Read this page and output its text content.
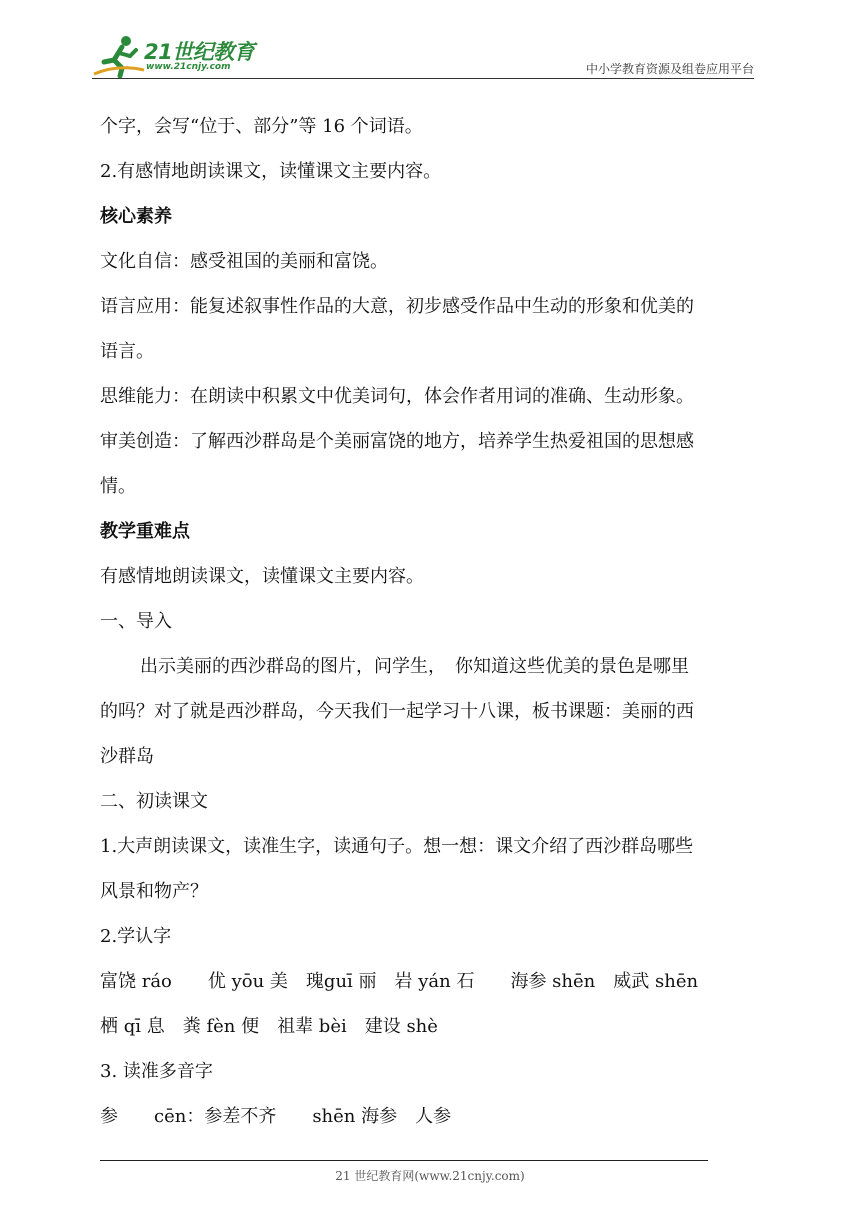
21世纪教育
www.21cnjy.com	中小学教育资源及组卷应用平台
个字，会写“位于、部分”等 16 个词语。
2.有感情地朗读课文，读懂课文主要内容。
核心素养
文化自信：感受祖国的美丽和富饶。
语言应用：能复述叙事性作品的大意，初步感受作品中生动的形象和优美的
语言。
思维能力：在朗读中积累文中优美词句，体会作者用词的准确、生动形象。
审美创造：了解西沙群岛是个美丽富饶的地方，培养学生热爱祖国的思想感
情。
教学重难点
有感情地朗读课文，读懂课文主要内容。
一、导入
出示美丽的西沙群岛的图片，问学生，　你知道这些优美的景色是哪里
的吗？对了就是西沙群岛，今天我们一起学习十八课，板书课题：美丽的西
沙群岛
二、初读课文
1.大声朗读课文，读准生字，读通句子。想一想：课文介绍了西沙群岛哪些
风景和物产？
2.学认字
富饶 ráo　　优 yōu 美　瑰guī 丽　岩 yán 石　　海参 shēn　威武 shēn
栖 qī 息　粪 fèn 便　祖辈 bèi　建设 shè
3. 读准多音字
参　　cēn：参差不齐　　shēn 海参　人参
21 世纪教育网(www.21cnjy.com)
